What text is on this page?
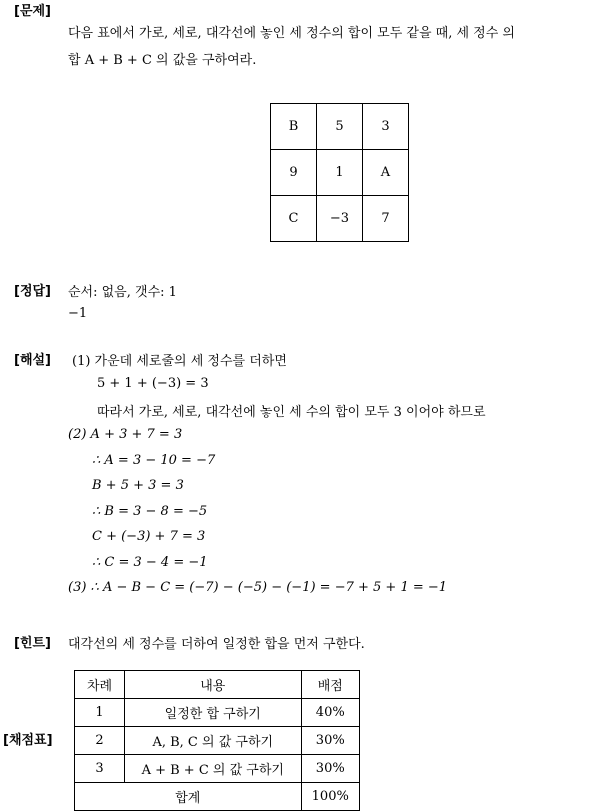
[문제]
다음 표에서 가로, 세로, 대각선에 놓인 세 정수의 합이 모두 같을 때, 세 정수 의
합 A + B + C 의 값을 구하여라.
B	5	3
9	1	A
C	−3	7
[정답] 순서: 없음, 갯수: 1
−1
[해설] (1) 가운데 세로줄의 세 정수를 더하면
5 + 1 + (−3) = 3
따라서 가로, 세로, 대각선에 놓인 세 수의 합이 모두 3 이어야 하므로
(2) A + 3 + 7 = 3
∴ A = 3 − 10 = −7
B + 5 + 3 = 3
∴ B = 3 − 8 = −5
C + (−3) + 7 = 3
∴ C = 3 − 4 = −1
(3) ∴ A − B − C = (−7) − (−5) − (−1) = −7 + 5 + 1 = −1
[힌트] 대각선의 세 정수를 더하여 일정한 합을 먼저 구한다.
[채점표]
차례	내용	배점
1	일정한 합 구하기	40%
2	A, B, C 의 값 구하기	30%
3	A + B + C 의 값 구하기	30%
합계		100%
